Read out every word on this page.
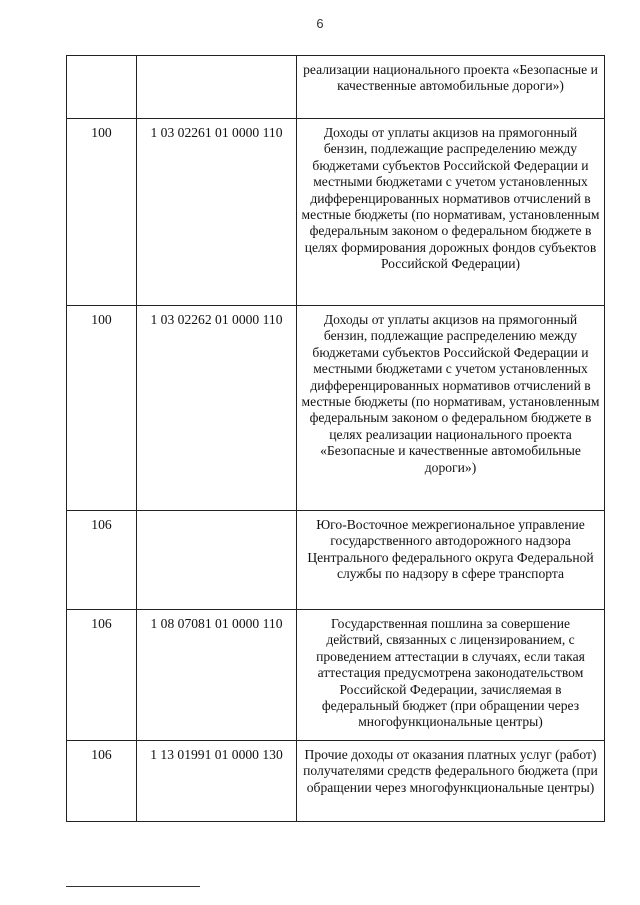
6
		реализации национального проекта «Безопасные и качественные автомобильные дороги»)
100	1 03 02261 01 0000 110	Доходы от уплаты акцизов на прямогонный бензин, подлежащие распределению между бюджетами субъектов Российской Федерации и местными бюджетами с учетом установленных дифференцированных нормативов отчислений в местные бюджеты (по нормативам, установленным федеральным законом о федеральном бюджете в целях формирования дорожных фондов субъектов Российской Федерации)
100	1 03 02262 01 0000 110	Доходы от уплаты акцизов на прямогонный бензин, подлежащие распределению между бюджетами субъектов Российской Федерации и местными бюджетами с учетом установленных дифференцированных нормативов отчислений в местные бюджеты (по нормативам, установленным федеральным законом о федеральном бюджете в целях реализации национального проекта «Безопасные и качественные автомобильные дороги»)
106		Юго-Восточное межрегиональное управление государственного автодорожного надзора Центрального федерального округа Федеральной службы по надзору в сфере транспорта
106	1 08 07081 01 0000 110	Государственная пошлина за совершение действий, связанных с лицензированием, с проведением аттестации в случаях, если такая аттестация предусмотрена законодательством Российской Федерации, зачисляемая в федеральный бюджет (при обращении через многофункциональные центры)
106	1 13 01991 01 0000 130	Прочие доходы от оказания платных услуг (работ) получателями средств федерального бюджета (при обращении через многофункциональные центры)
